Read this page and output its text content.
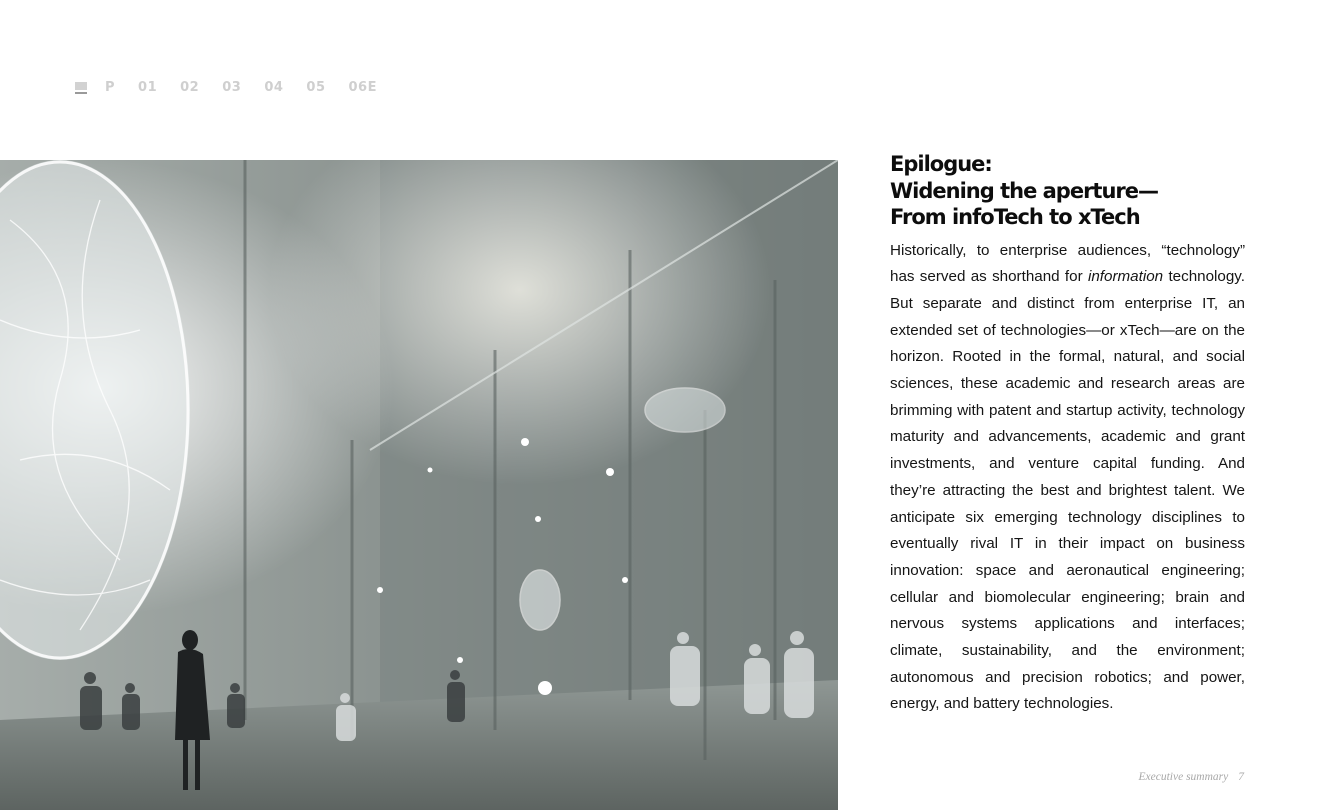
P 01 02 03 04 05 06 E
Epilogue:
Widening the aperture—
From infoTech to xTech

Historically, to enterprise audiences, “technology” has served as shorthand for information technology. But separate and distinct from enterprise IT, an extended set of technologies—or xTech—are on the horizon. Rooted in the formal, natural, and social sciences, these academic and research areas are brimming with patent and startup activity, technology maturity and advancements, academic and grant investments, and venture capital funding. And they’re attracting the best and brightest talent. We anticipate six emerging technology disciplines to eventually rival IT in their impact on business innovation: space and aeronautical engineering; cellular and biomolecular engineering; brain and nervous systems applications and interfaces; climate, sustainability, and the environment; autonomous and precision robotics; and power, energy, and battery technologies.

Executive summary 7
